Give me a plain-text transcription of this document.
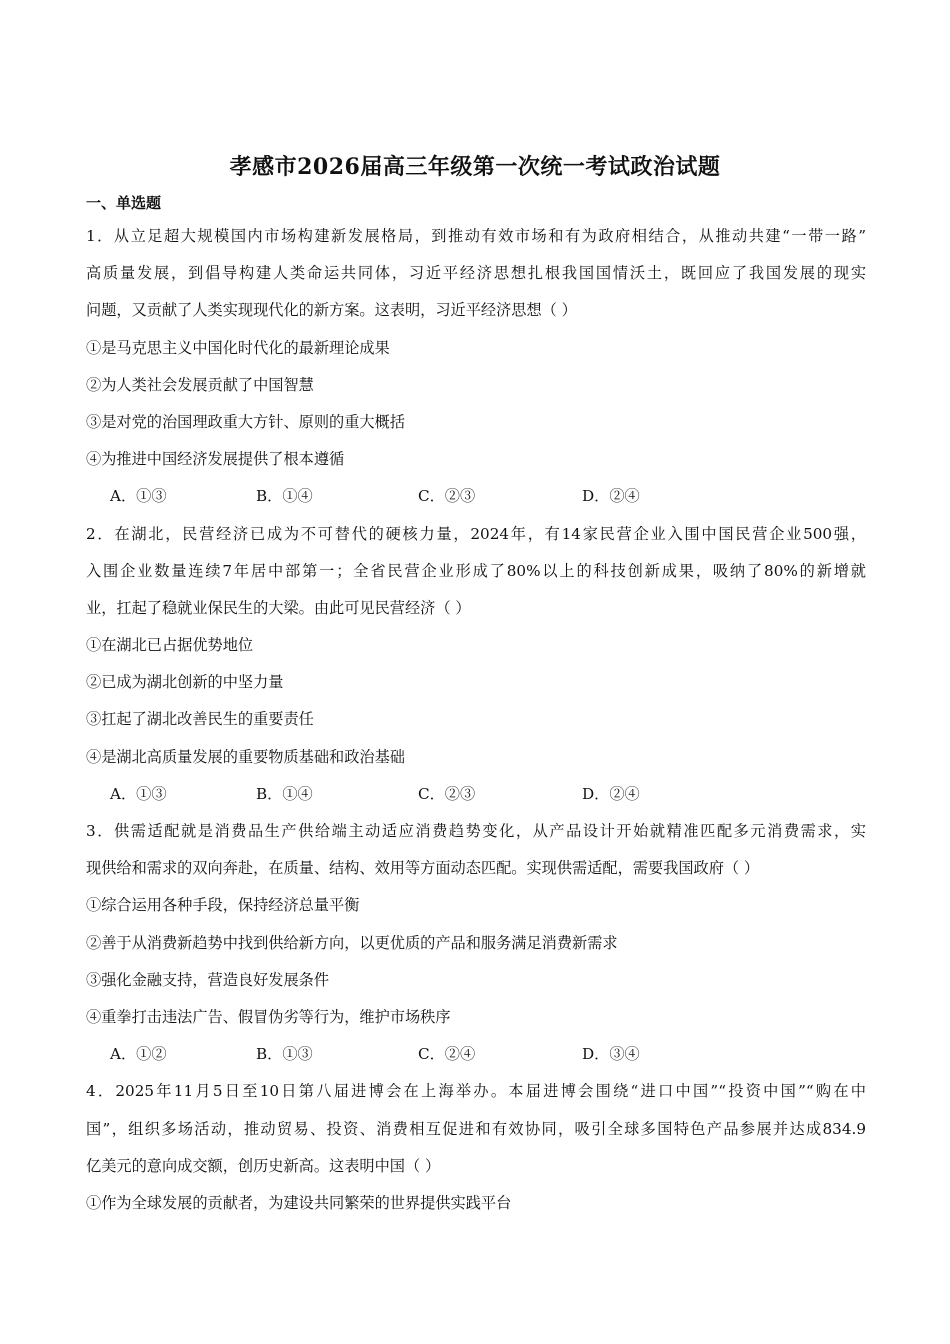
孝感市2026届高三年级第一次统一考试政治试题
一、单选题
1．从立足超大规模国内市场构建新发展格局，到推动有效市场和有为政府相结合，从推动共建“一带一路”
高质量发展，到倡导构建人类命运共同体，习近平经济思想扎根我国国情沃土，既回应了我国发展的现实
问题，又贡献了人类实现现代化的新方案。这表明，习近平经济思想（ ）
①是马克思主义中国化时代化的最新理论成果
②为人类社会发展贡献了中国智慧
③是对党的治国理政重大方针、原则的重大概括
④为推进中国经济发展提供了根本遵循
A．①③	B．①④	C．②③	D．②④
2．在湖北，民营经济已成为不可替代的硬核力量，2024年，有14家民营企业入围中国民营企业500强，
入围企业数量连续7年居中部第一；全省民营企业形成了80%以上的科技创新成果，吸纳了80%的新增就
业，扛起了稳就业保民生的大梁。由此可见民营经济（ ）
①在湖北已占据优势地位
②已成为湖北创新的中坚力量
③扛起了湖北改善民生的重要责任
④是湖北高质量发展的重要物质基础和政治基础
A．①③	B．①④	C．②③	D．②④
3．供需适配就是消费品生产供给端主动适应消费趋势变化，从产品设计开始就精准匹配多元消费需求，实
现供给和需求的双向奔赴，在质量、结构、效用等方面动态匹配。实现供需适配，需要我国政府（ ）
①综合运用各种手段，保持经济总量平衡
②善于从消费新趋势中找到供给新方向，以更优质的产品和服务满足消费新需求
③强化金融支持，营造良好发展条件
④重拳打击违法广告、假冒伪劣等行为，维护市场秩序
A．①②	B．①③	C．②④	D．③④
4．2025年11月5日至10日第八届进博会在上海举办。本届进博会围绕“进口中国”“投资中国”“购在中
国”，组织多场活动，推动贸易、投资、消费相互促进和有效协同，吸引全球多国特色产品参展并达成834.9
亿美元的意向成交额，创历史新高。这表明中国（ ）
①作为全球发展的贡献者，为建设共同繁荣的世界提供实践平台
